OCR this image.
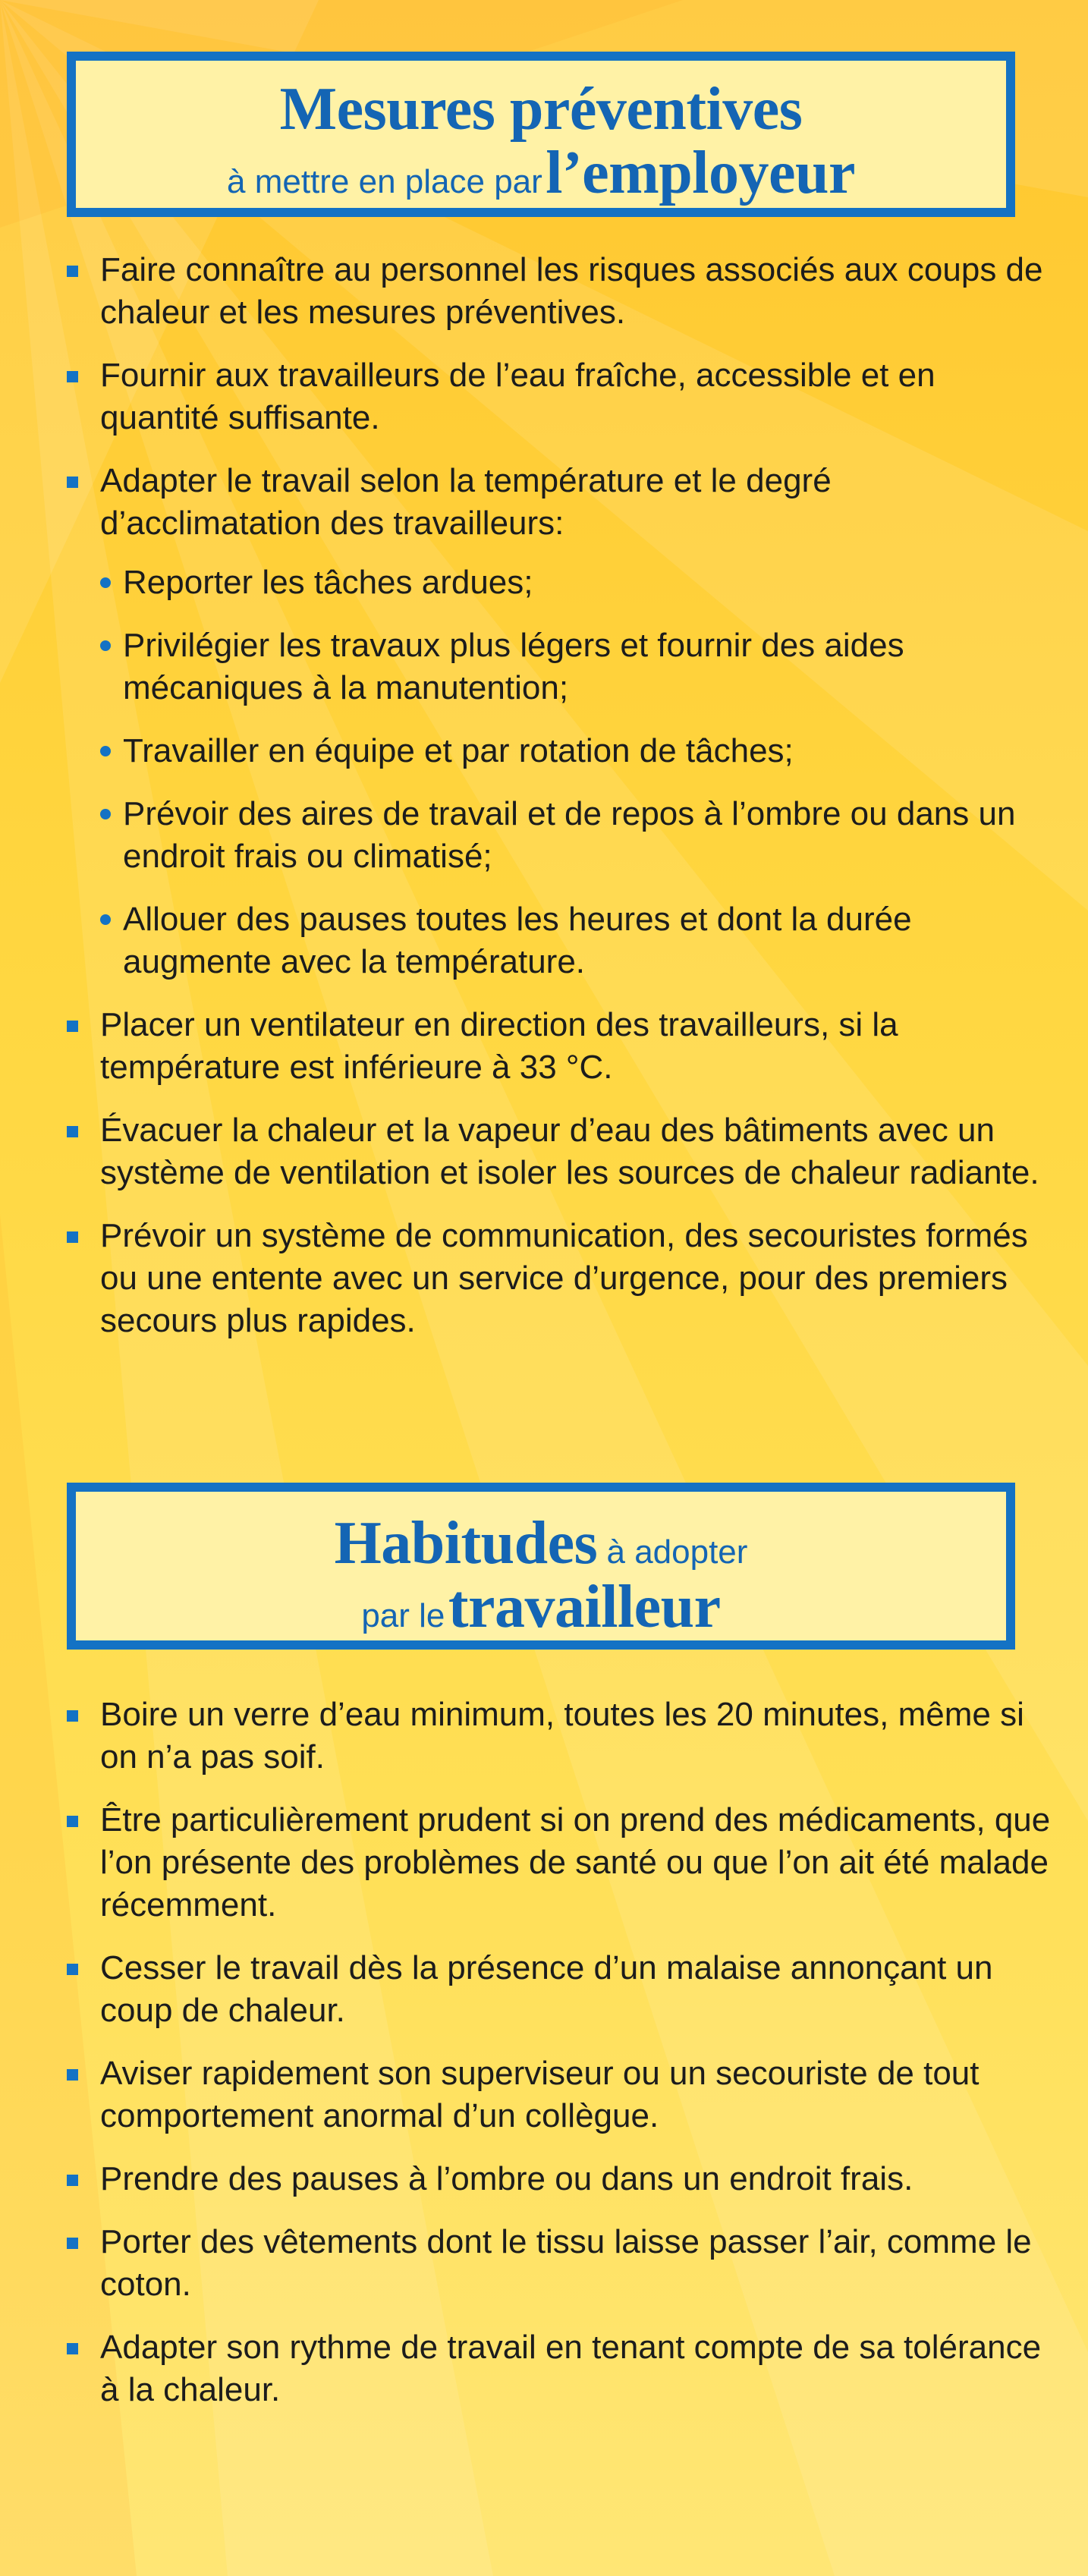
Mesures préventives
à mettre en place par l’employeur
Faire connaître au personnel les risques associés aux coups de chaleur et les mesures préventives.
Fournir aux travailleurs de l’eau fraîche, accessible et en quantité suffisante.
Adapter le travail selon la température et le degré d’acclimatation des travailleurs:
Reporter les tâches ardues;
Privilégier les travaux plus légers et fournir des aides mécaniques à la manutention;
Travailler en équipe et par rotation de tâches;
Prévoir des aires de travail et de repos à l’ombre ou dans un endroit frais ou climatisé;
Allouer des pauses toutes les heures et dont la durée augmente avec la température.
Placer un ventilateur en direction des travailleurs, si la température est inférieure à 33 °C.
Évacuer la chaleur et la vapeur d’eau des bâtiments avec un système de ventilation et isoler les sources de chaleur radiante.
Prévoir un système de communication, des secouristes formés ou une entente avec un service d’urgence, pour des premiers secours plus rapides.
Habitudes à adopter
par le travailleur
Boire un verre d’eau minimum, toutes les 20 minutes, même si on n’a pas soif.
Être particulièrement prudent si on prend des médicaments, que l’on présente des problèmes de santé ou que l’on ait été malade récemment.
Cesser le travail dès la présence d’un malaise annonçant un coup de chaleur.
Aviser rapidement son superviseur ou un secouriste de tout comportement anormal d’un collègue.
Prendre des pauses à l’ombre ou dans un endroit frais.
Porter des vêtements dont le tissu laisse passer l’air, comme le coton.
Adapter son rythme de travail en tenant compte de sa tolérance à la chaleur.
